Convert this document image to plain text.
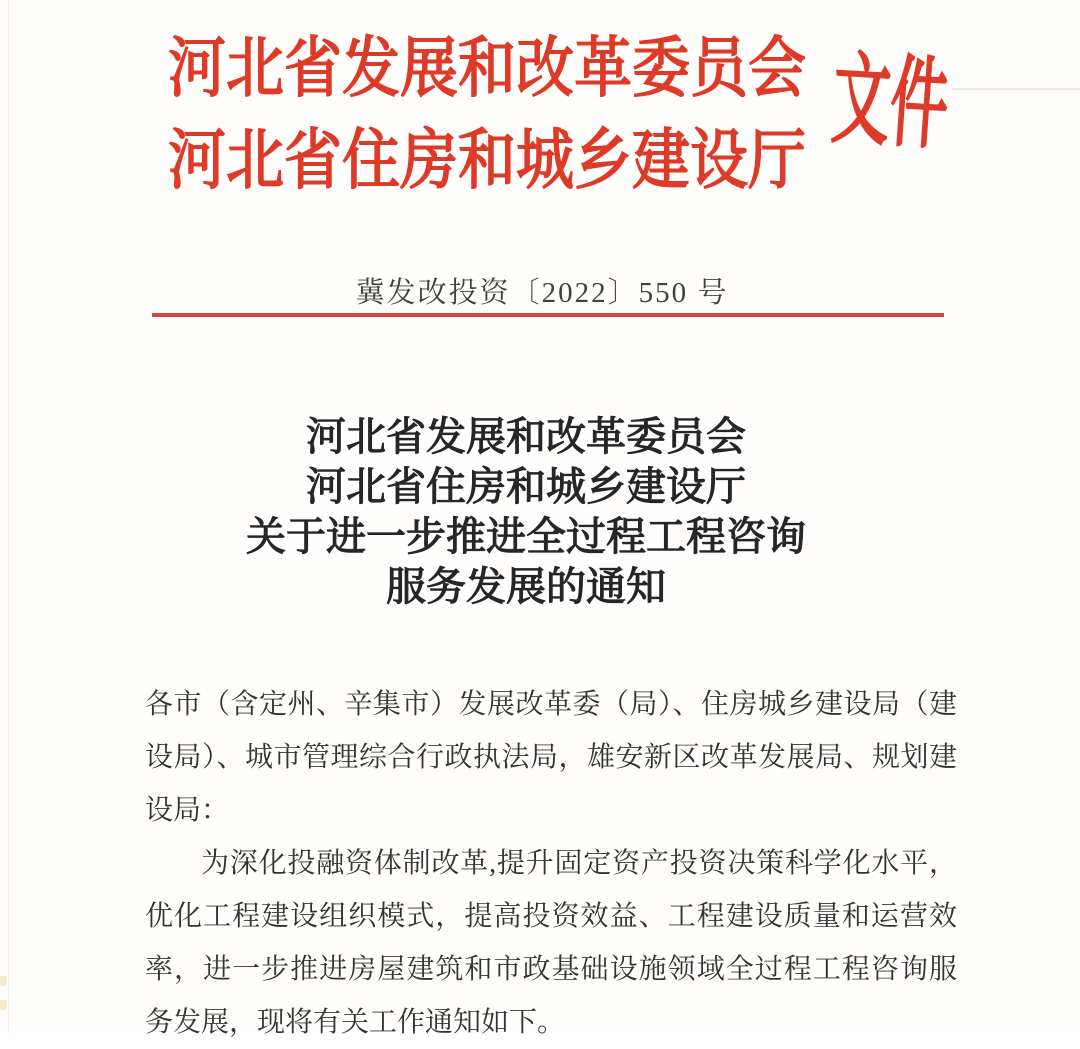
河北省发展和改革委员会
河北省住房和城乡建设厅 文件
冀发改投资〔2022〕550 号
河北省发展和改革委员会
河北省住房和城乡建设厅
关于进一步推进全过程工程咨询
服务发展的通知
各市（含定州、辛集市）发展改革委（局）、住房城乡建设局（建
设局）、城市管理综合行政执法局，雄安新区改革发展局、规划建
设局：
为深化投融资体制改革,提升固定资产投资决策科学化水平，
优化工程建设组织模式，提高投资效益、工程建设质量和运营效
率，进一步推进房屋建筑和市政基础设施领域全过程工程咨询服
务发展，现将有关工作通知如下。
